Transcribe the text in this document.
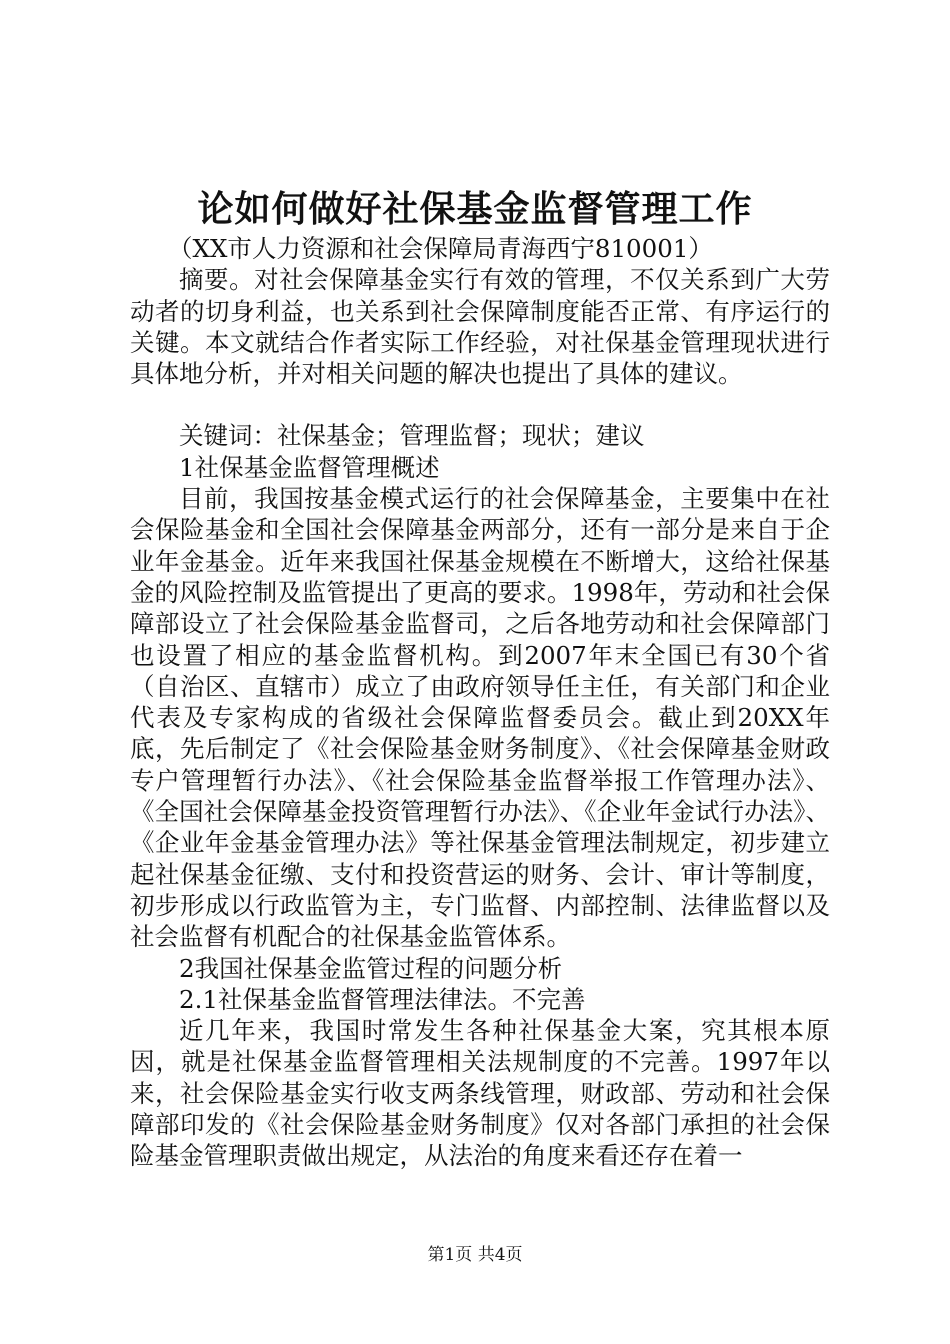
论如何做好社保基金监督管理工作

（XX市人力资源和社会保障局青海西宁810001）

摘要。对社会保障基金实行有效的管理，不仅关系到广大劳动者的切身利益，也关系到社会保障制度能否正常、有序运行的关键。本文就结合作者实际工作经验，对社保基金管理现状进行具体地分析，并对相关问题的解决也提出了具体的建议。

关键词：社保基金；管理监督；现状；建议

1社保基金监督管理概述

目前，我国按基金模式运行的社会保障基金，主要集中在社会保险基金和全国社会保障基金两部分，还有一部分是来自于企业年金基金。近年来我国社保基金规模在不断增大，这给社保基金的风险控制及监管提出了更高的要求。1998年，劳动和社会保障部设立了社会保险基金监督司，之后各地劳动和社会保障部门也设置了相应的基金监督机构。到2007年末全国已有30个省（自治区、直辖市）成立了由政府领导任主任，有关部门和企业代表及专家构成的省级社会保障监督委员会。截止到20XX年底，先后制定了《社会保险基金财务制度》、《社会保障基金财政专户管理暂行办法》、《社会保险基金监督举报工作管理办法》、《全国社会保障基金投资管理暂行办法》、《企业年金试行办法》、《企业年金基金管理办法》等社保基金管理法制规定，初步建立起社保基金征缴、支付和投资营运的财务、会计、审计等制度，初步形成以行政监管为主，专门监督、内部控制、法律监督以及社会监督有机配合的社保基金监管体系。

2我国社保基金监管过程的问题分析

2.1社保基金监督管理法律法。不完善

近几年来，我国时常发生各种社保基金大案，究其根本原因，就是社保基金监督管理相关法规制度的不完善。1997年以来，社会保险基金实行收支两条线管理，财政部、劳动和社会保障部印发的《社会保险基金财务制度》仅对各部门承担的社会保险基金管理职责做出规定，从法治的角度来看还存在着一

第1页 共4页
